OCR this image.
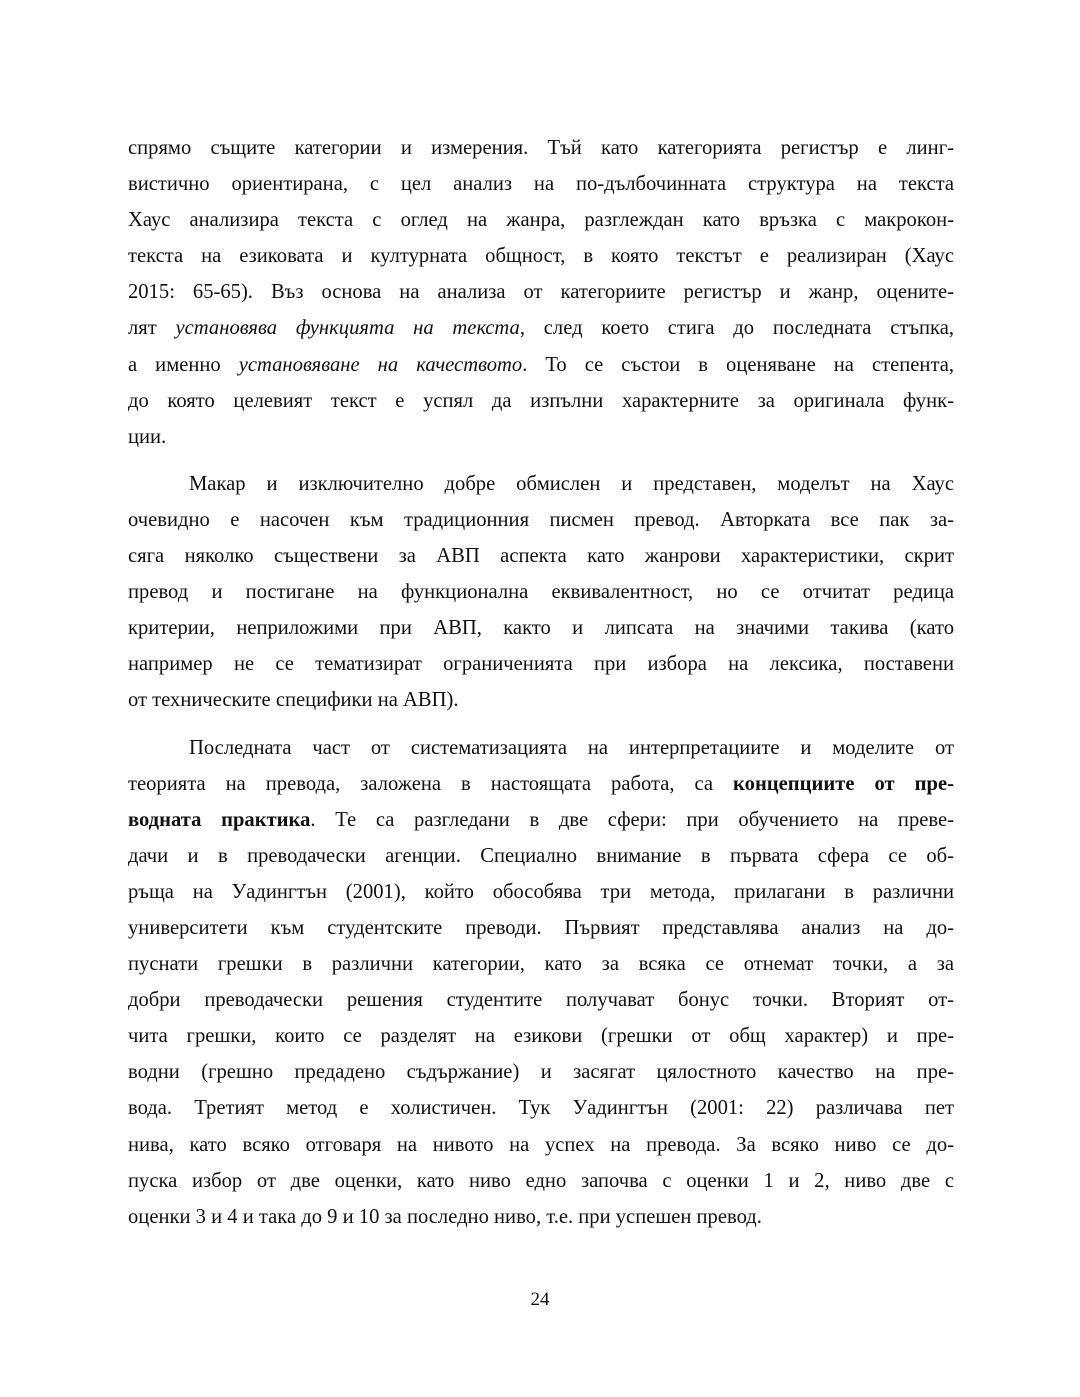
спрямо същите категории и измерения. Тъй като категорията регистър е линг-
вистично ориентирана, с цел анализ на по-дълбочинната структура на текста
Хаус анализира текста с оглед на жанра, разглеждан като връзка с макрокон-
текста на езиковата и културната общност, в която текстът е реализиран (Хаус
2015: 65-65). Въз основа на анализа от категориите регистър и жанр, оцените-
лят установява функцията на текста, след което стига до последната стъпка,
а именно установяване на качеството. То се състои в оценяване на степента,
до която целевият текст е успял да изпълни характерните за оригинала функ-
ции.
Макар и изключително добре обмислен и представен, моделът на Хаус
очевидно е насочен към традиционния писмен превод. Авторката все пак за-
сяга няколко съществени за АВП аспекта като жанрови характеристики, скрит
превод и постигане на функционална еквивалентност, но се отчитат редица
критерии, неприложими при АВП, както и липсата на значими такива (като
например не се тематизират ограниченията при избора на лексика, поставени
от техническите специфики на АВП).
Последната част от систематизацията на интерпретациите и моделите от
теорията на превода, заложена в настоящата работа, са концепциите от пре-
водната практика. Те са разгледани в две сфери: при обучението на преве-
дачи и в преводачески агенции. Специално внимание в първата сфера се об-
ръща на Уадингтън (2001), който обособява три метода, прилагани в различни
университети към студентските преводи. Първият представлява анализ на до-
пуснати грешки в различни категории, като за всяка се отнемат точки, а за
добри преводачески решения студентите получават бонус точки. Вторият от-
чита грешки, които се разделят на езикови (грешки от общ характер) и пре-
водни (грешно предадено съдържание) и засягат цялостното качество на пре-
вода. Третият метод е холистичен. Тук Уадингтън (2001: 22) различава пет
нива, като всяко отговаря на нивото на успех на превода. За всяко ниво се до-
пуска избор от две оценки, като ниво едно започва с оценки 1 и 2, ниво две с
оценки 3 и 4 и така до 9 и 10 за последно ниво, т.е. при успешен превод.
24
